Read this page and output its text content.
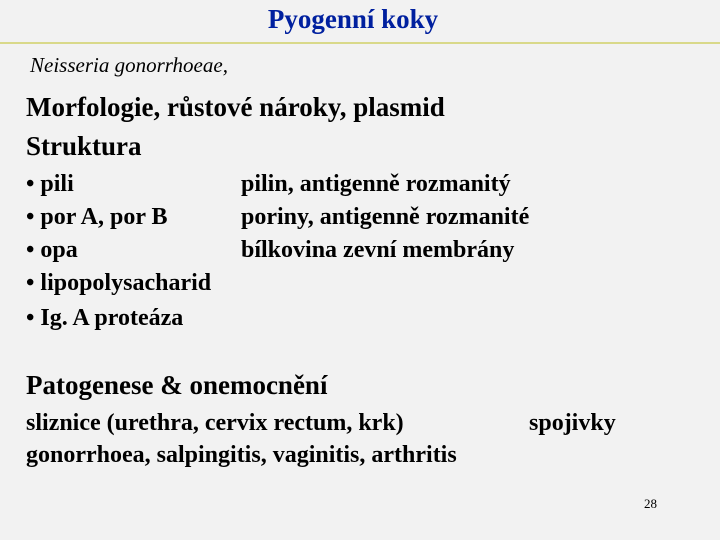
Pyogenní koky
Neisseria gonorrhoeae,
Morfologie, růstové nároky, plasmid
Struktura
• pili	pilin, antigenně rozmanitý
• por A, por B	poriny, antigenně rozmanité
• opa	bílkovina zevní membrány
• lipopolysacharid
• Ig. A proteáza
Patogenese & onemocnění
sliznice (urethra, cervix rectum, krk)	spojivky
gonorrhoea, salpingitis, vaginitis, arthritis
28
